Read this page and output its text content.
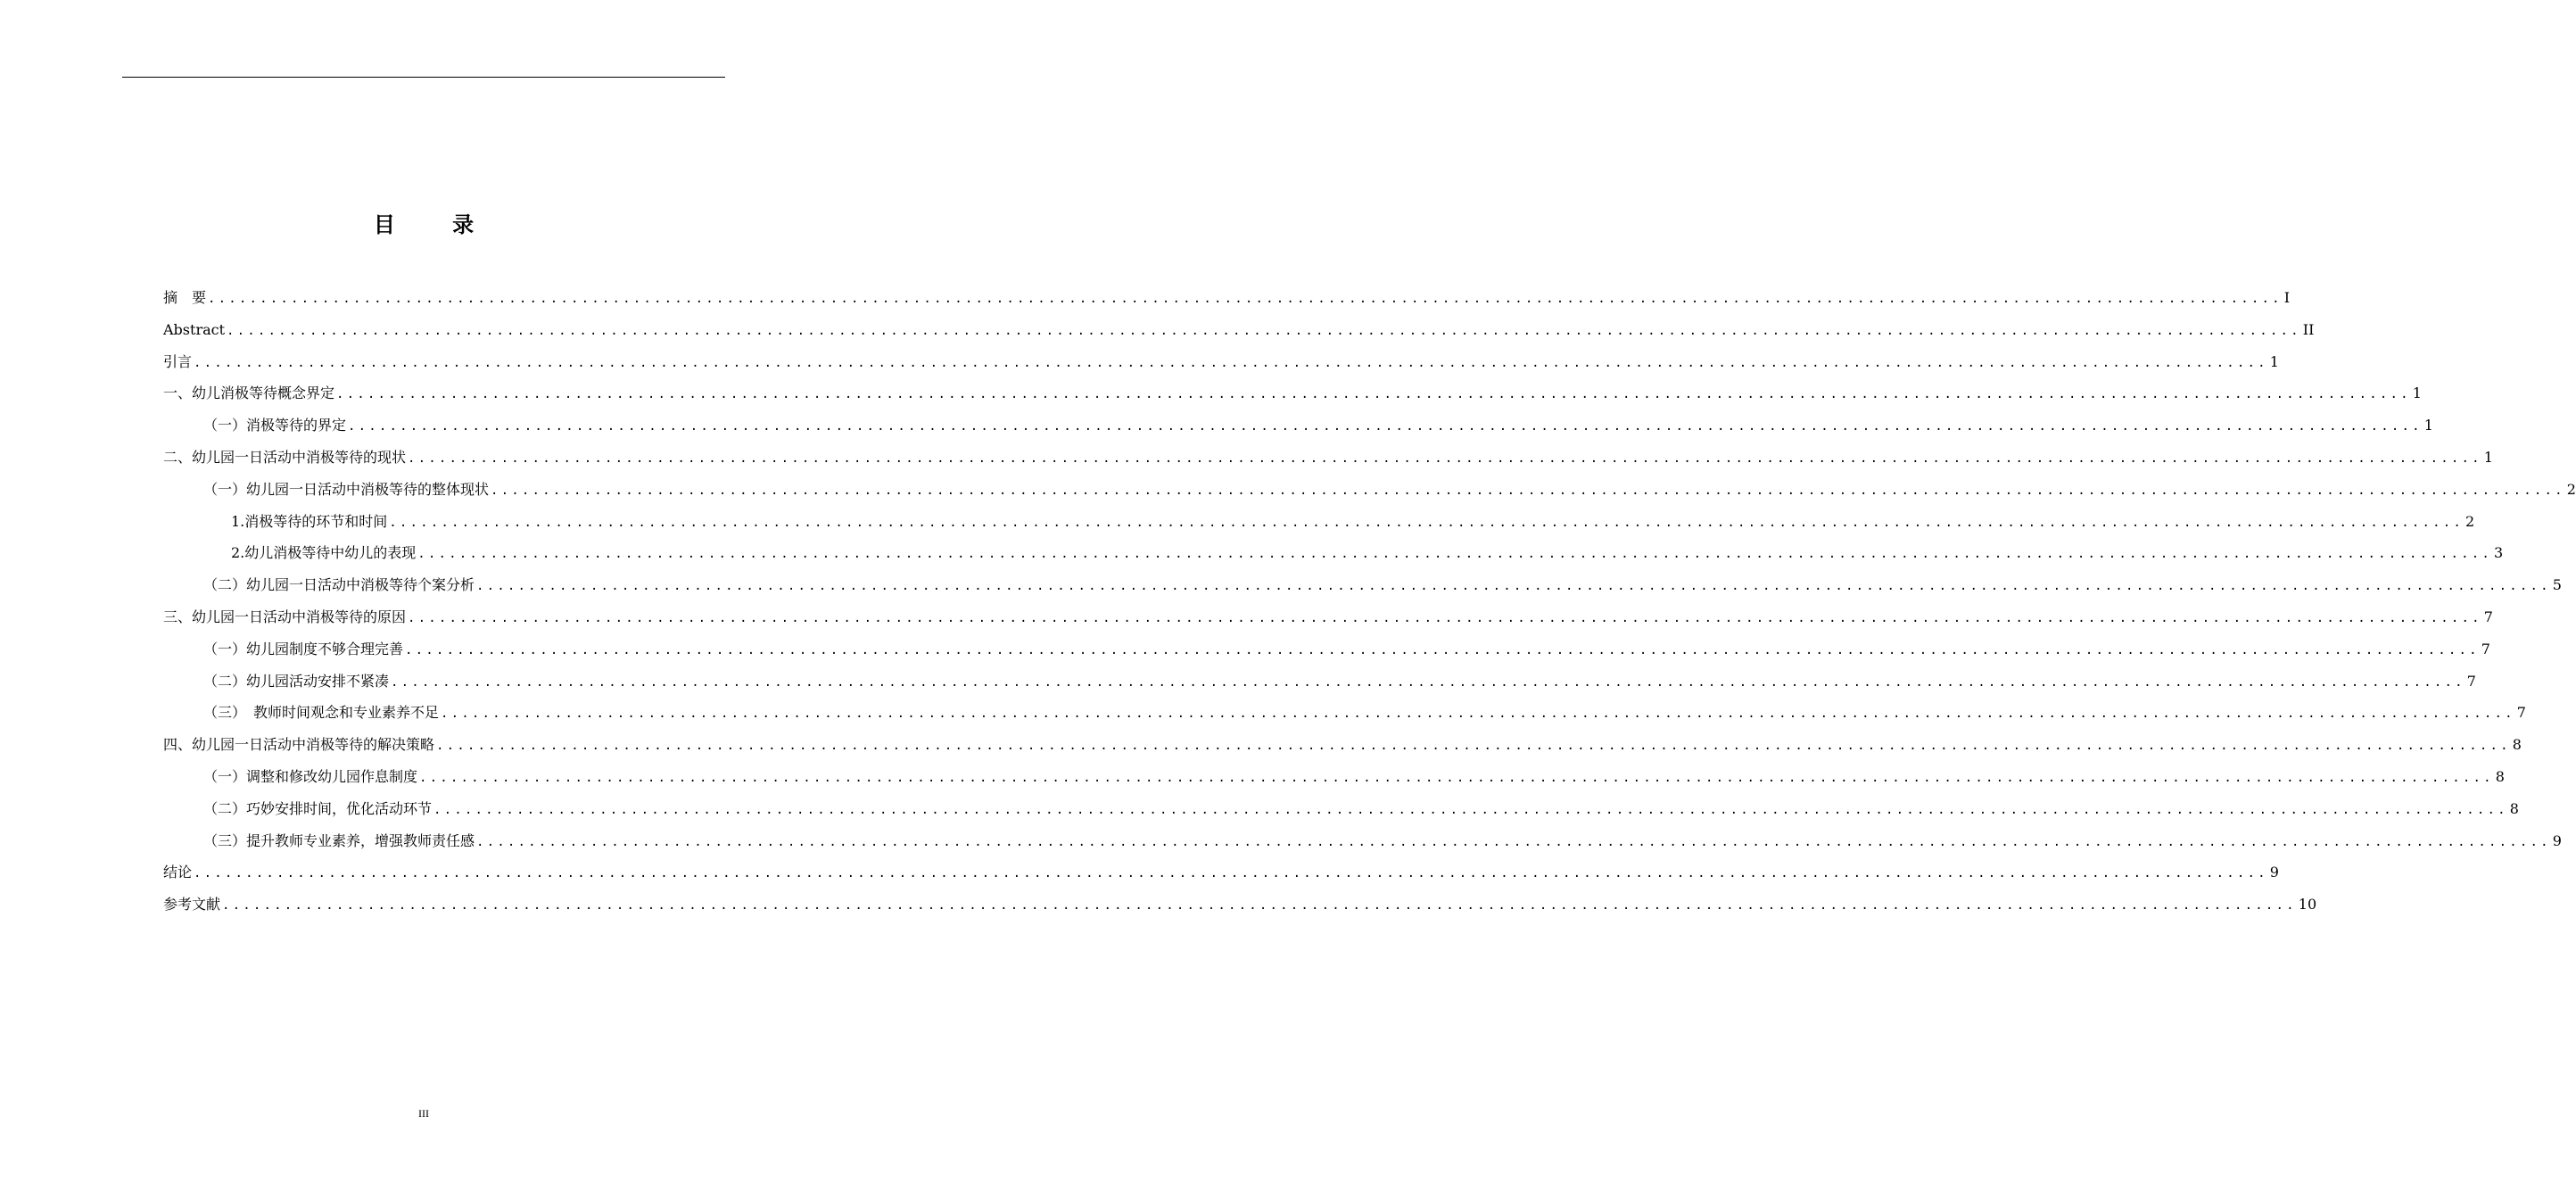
目 录
摘　要 ........................................................................................................................................................................................................ I
Abstract ........................................................................................................................................................................................................ II
引言 ........................................................................................................................................................................................................ 1
一、幼儿消极等待概念界定 ........................................................................................................................................................................................................ 1
（一）消极等待的界定 ........................................................................................................................................................................................................ 1
二、幼儿园一日活动中消极等待的现状 ........................................................................................................................................................................................................ 1
（一）幼儿园一日活动中消极等待的整体现状 ........................................................................................................................................................................................................ 2
1.消极等待的环节和时间 ........................................................................................................................................................................................................ 2
2.幼儿消极等待中幼儿的表现 ........................................................................................................................................................................................................ 3
（二）幼儿园一日活动中消极等待个案分析 ........................................................................................................................................................................................................ 5
三、幼儿园一日活动中消极等待的原因 ........................................................................................................................................................................................................ 7
（一）幼儿园制度不够合理完善 ........................................................................................................................................................................................................ 7
（二）幼儿园活动安排不紧凑 ........................................................................................................................................................................................................ 7
（三）　教师时间观念和专业素养不足 ........................................................................................................................................................................................................ 7
四、幼儿园一日活动中消极等待的解决策略 ........................................................................................................................................................................................................ 8
（一）调整和修改幼儿园作息制度 ........................................................................................................................................................................................................ 8
（二）巧妙安排时间，优化活动环节 ........................................................................................................................................................................................................ 8
（三）提升教师专业素养，增强教师责任感 ........................................................................................................................................................................................................ 9
结论 ........................................................................................................................................................................................................ 9
参考文献 ........................................................................................................................................................................................................ 10
III
